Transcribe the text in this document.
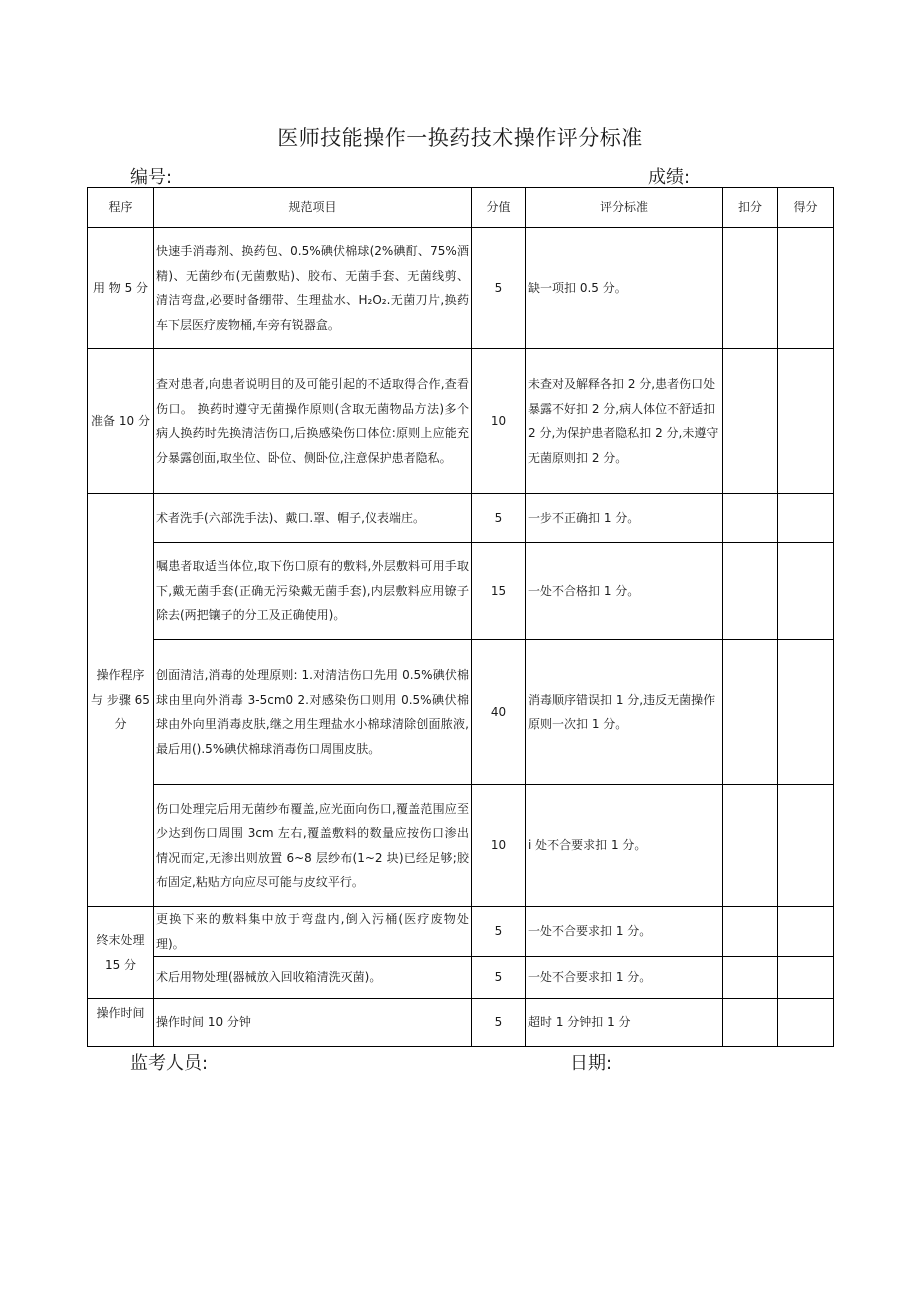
医师技能操作一换药技术操作评分标准
编号:	成绩:
程序	规范项目	分值	评分标准	扣分	得分
用 物 5 分	快速手消毒剂、换药包、0.5%碘伏棉球(2%碘酊、75%酒精)、无菌纱布(无菌敷贴)、胶布、无菌手套、无菌线剪、清洁弯盘,必要时备绷带、生理盐水、H₂O₂.无菌刀片,换药车下层医疗废物桶,车旁有锐器盒。	5	缺一项扣 0.5 分。		
准备 10 分	查对患者,向患者说明目的及可能引起的不适取得合作,查看伤口。 换药时遵守无菌操作原则(含取无菌物品方法)多个病人换药时先换清洁伤口,后换感染伤口体位:原则上应能充分暴露创面,取坐位、卧位、侧卧位,注意保护患者隐私。	10	未查对及解释各扣 2 分,患者伤口处暴露不好扣 2 分,病人体位不舒适扣 2 分,为保护患者隐私扣 2 分,未遵守无菌原则扣 2 分。		
操作程序 与 步骤 65 分	术者洗手(六部洗手法)、戴口.罩、帽子,仪表端庄。	5	一步不正确扣 1 分。		
	嘱患者取适当体位,取下伤口原有的敷料,外层敷料可用手取下,戴无菌手套(正确无污染戴无菌手套),内层敷料应用镣子除去(两把镶子的分工及正确使用)。	15	一处不合格扣 1 分。		
	创面清洁,消毒的处理原则: 1.对清洁伤口先用 0.5%碘伏棉球由里向外消毒 3-5cm0 2.对感染伤口则用 0.5%碘伏棉球由外向里消毒皮肤,继之用生理盐水小棉球清除创面脓液,最后用().5%碘伏棉球消毒伤口周围皮肤。	40	消毒顺序错误扣 1 分,违反无菌操作原则一次扣 1 分。		
	伤口处理完后用无菌纱布覆盖,应光面向伤口,覆盖范围应至少达到伤口周围 3cm 左右,覆盖敷料的数量应按伤口渗出情况而定,无渗出则放置 6~8 层纱布(1~2 块)已经足够;胶布固定,粘贴方向应尽可能与皮纹平行。	10	i 处不合要求扣 1 分。		
终末处理 15 分	更换下来的敷料集中放于弯盘内,倒入污桶(医疗废物处理)。	5	一处不合要求扣 1 分。		
	术后用物处理(器械放入回收箱清洗灭菌)。	5	一处不合要求扣 1 分。		
操作时间	操作时间 10 分钟	5	超时 1 分钟扣 1 分		
监考人员:	日期:
